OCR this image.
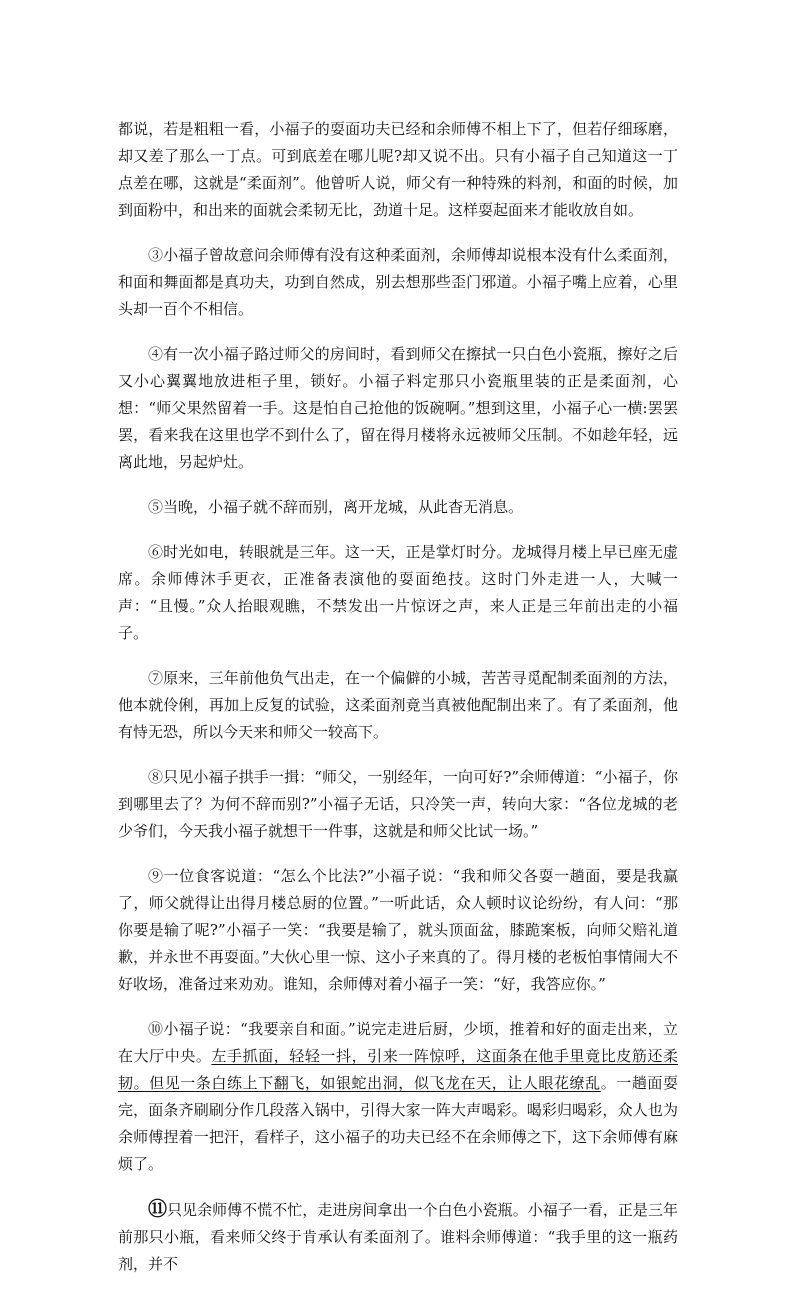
都说，若是粗粗一看，小福子的耍面功夫已经和余师傅不相上下了，但若仔细琢磨，却又差了那么一丁点。可到底差在哪儿呢?却又说不出。只有小福子自己知道这一丁点差在哪，这就是“柔面剂”。他曾听人说，师父有一种特殊的料剂，和面的时候，加到面粉中，和出来的面就会柔韧无比，劲道十足。这样耍起面来才能收放自如。

③小福子曾故意问余师傅有没有这种柔面剂，余师傅却说根本没有什么柔面剂，和面和舞面都是真功夫，功到自然成，别去想那些歪门邪道。小福子嘴上应着，心里头却一百个不相信。

④有一次小福子路过师父的房间时，看到师父在擦拭一只白色小瓷瓶，擦好之后又小心翼翼地放进柜子里，锁好。小福子料定那只小瓷瓶里装的正是柔面剂，心想：“师父果然留着一手。这是怕自己抢他的饭碗啊。”想到这里，小福子心一横:罢罢罢，看来我在这里也学不到什么了，留在得月楼将永远被师父压制。不如趁年轻，远离此地，另起炉灶。

⑤当晚，小福子就不辞而别，离开龙城，从此杳无消息。

⑥时光如电，转眼就是三年。这一天，正是掌灯时分。龙城得月楼上早已座无虚席。余师傅沐手更衣，正准备表演他的耍面绝技。这时门外走进一人，大喊一声：“且慢。”众人抬眼观瞧，不禁发出一片惊讶之声，来人正是三年前出走的小福子。

⑦原来，三年前他负气出走，在一个偏僻的小城，苦苦寻觅配制柔面剂的方法，他本就伶俐，再加上反复的试验，这柔面剂竟当真被他配制出来了。有了柔面剂，他有恃无恐，所以今天来和师父一较高下。

⑧只见小福子拱手一揖：“师父，一别经年，一向可好?”余师傅道：“小福子，你到哪里去了？为何不辞而别?”小福子无话，只冷笑一声，转向大家：“各位龙城的老少爷们，今天我小福子就想干一件事，这就是和师父比试一场。”

⑨一位食客说道：“怎么个比法?”小福子说：“我和师父各耍一趟面，要是我赢了，师父就得让出得月楼总厨的位置。”一听此话，众人顿时议论纷纷，有人问：“那你要是输了呢?”小福子一笑：“我要是输了，就头顶面盆，膝跪案板，向师父赔礼道歉，并永世不再耍面。”大伙心里一惊、这小子来真的了。得月楼的老板怕事情闹大不好收场，准备过来劝劝。谁知，余师傅对着小福子一笑：“好，我答应你。”

⑩小福子说：“我要亲自和面。”说完走进后厨，少顷，推着和好的面走出来，立在大厅中央。左手抓面，轻轻一抖，引来一阵惊呼，这面条在他手里竟比皮筋还柔韧。但见一条白练上下翻飞，如银蛇出洞，似飞龙在天，让人眼花缭乱。一趟面耍完，面条齐刷刷分作几段落入锅中，引得大家一阵大声喝彩。喝彩归喝彩，众人也为余师傅捏着一把汗，看样子，这小福子的功夫已经不在余师傅之下，这下余师傅有麻烦了。

⑪只见余师傅不慌不忙，走进房间拿出一个白色小瓷瓶。小福子一看，正是三年前那只小瓶，看来师父终于肯承认有柔面剂了。谁料余师傅道：“我手里的这一瓶药剂，并不
